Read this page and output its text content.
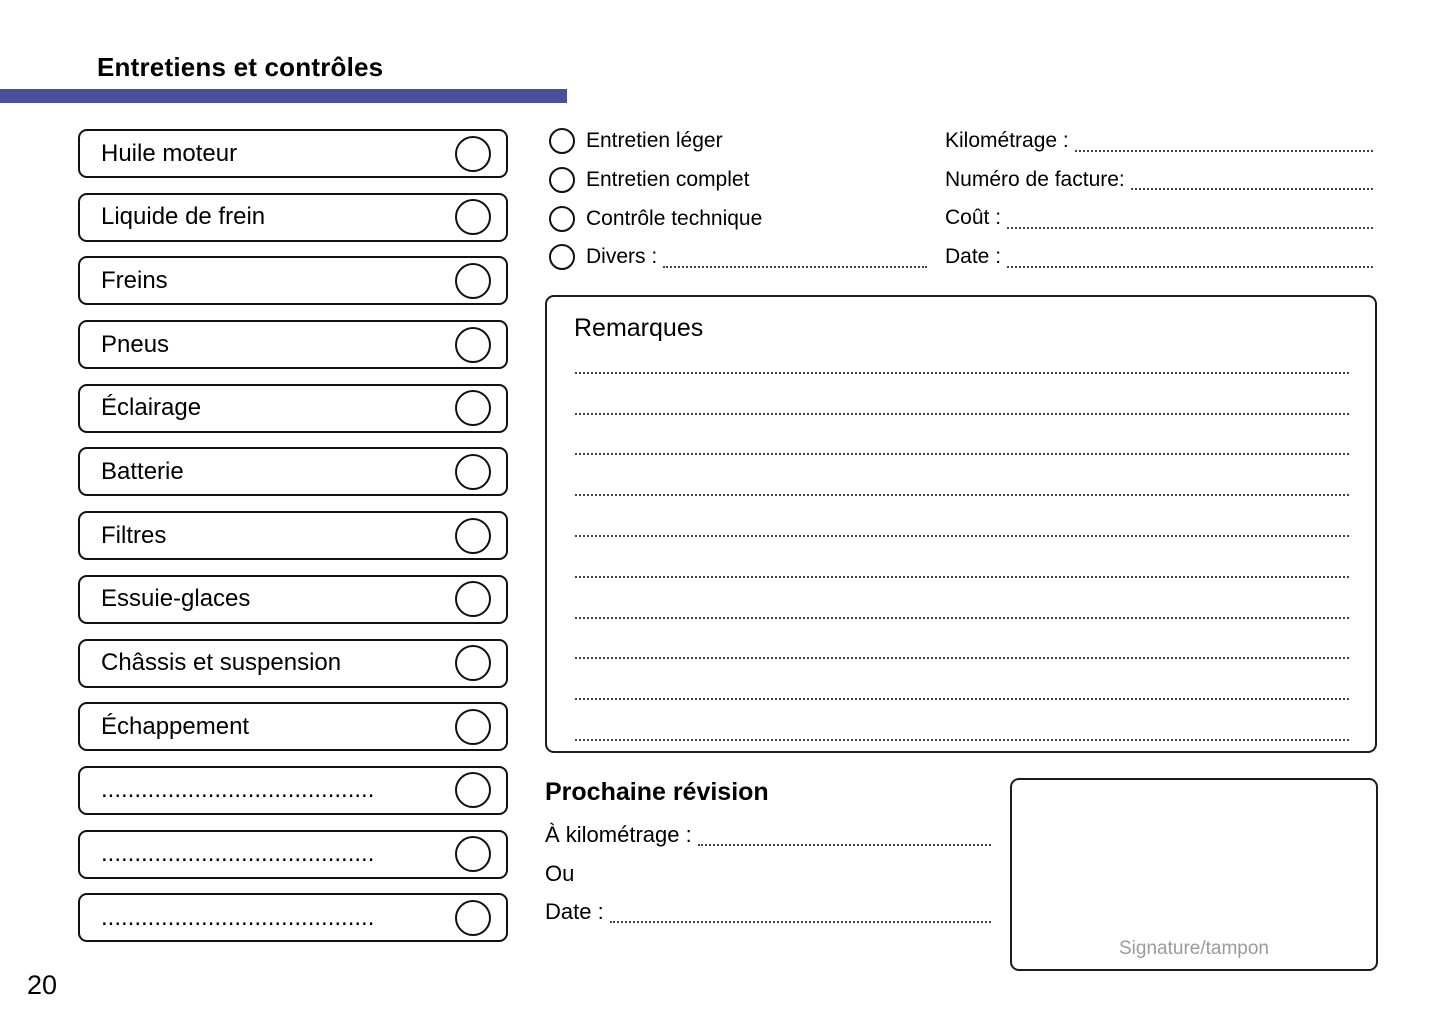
Entretiens et contrôles
Huile moteur
Liquide de frein
Freins
Pneus
Éclairage
Batterie
Filtres
Essuie-glaces
Châssis et suspension
Échappement
.........................................
.........................................
.........................................
Entretien léger
Entretien complet
Contrôle technique
Divers :
Kilométrage :
Numéro de facture:
Coût :
Date :
Remarques
Prochaine révision
À kilométrage :
Ou
Date :
Signature/tampon
20
